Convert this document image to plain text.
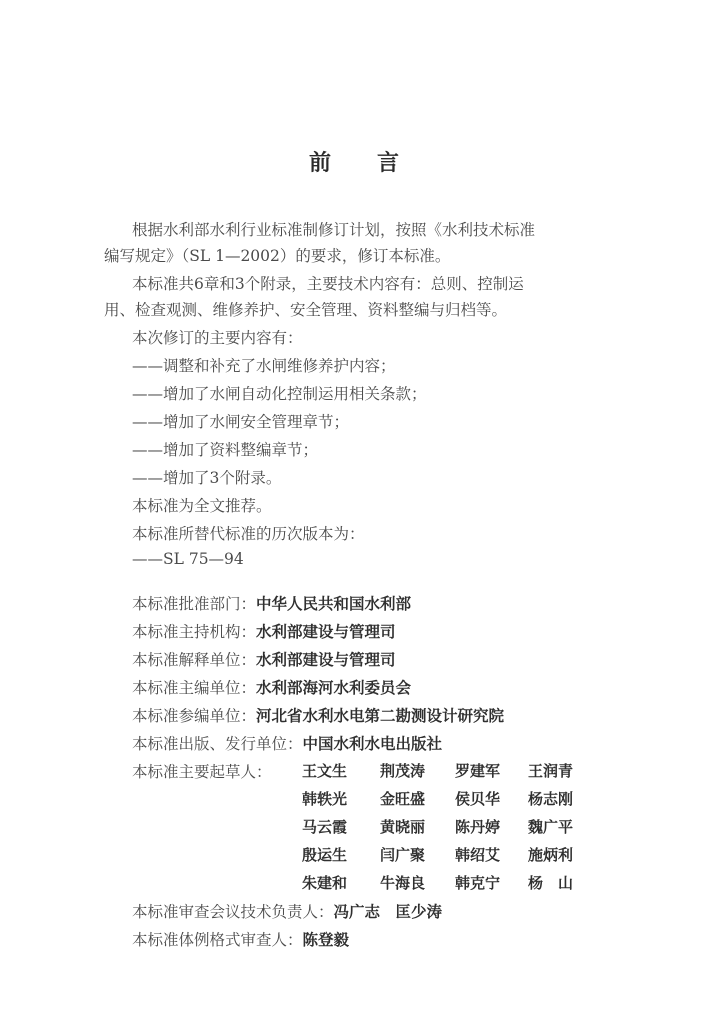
前 言
根据水利部水利行业标准制修订计划，按照《水利技术标准
编写规定》（SL 1—2002）的要求，修订本标准。
本标准共6章和3个附录，主要技术内容有：总则、控制运
用、检查观测、维修养护、安全管理、资料整编与归档等。
本次修订的主要内容有：
——调整和补充了水闸维修养护内容；
——增加了水闸自动化控制运用相关条款；
——增加了水闸安全管理章节；
——增加了资料整编章节；
——增加了3个附录。
本标准为全文推荐。
本标准所替代标准的历次版本为：
——SL 75—94
本标准批准部门：中华人民共和国水利部
本标准主持机构：水利部建设与管理司
本标准解释单位：水利部建设与管理司
本标准主编单位：水利部海河水利委员会
本标准参编单位：河北省水利水电第二勘测设计研究院
本标准出版、发行单位：中国水利水电出版社
本标准主要起草人： 王文生 荆茂涛 罗建军 王润青
韩轶光 金旺盛 侯贝华 杨志刚
马云霞 黄晓丽 陈丹婷 魏广平
殷运生 闫广聚 韩绍艾 施炳利
朱建和 牛海良 韩克宁 杨　山
本标准审查会议技术负责人：冯广志　匡少涛
本标准体例格式审查人：陈登毅
